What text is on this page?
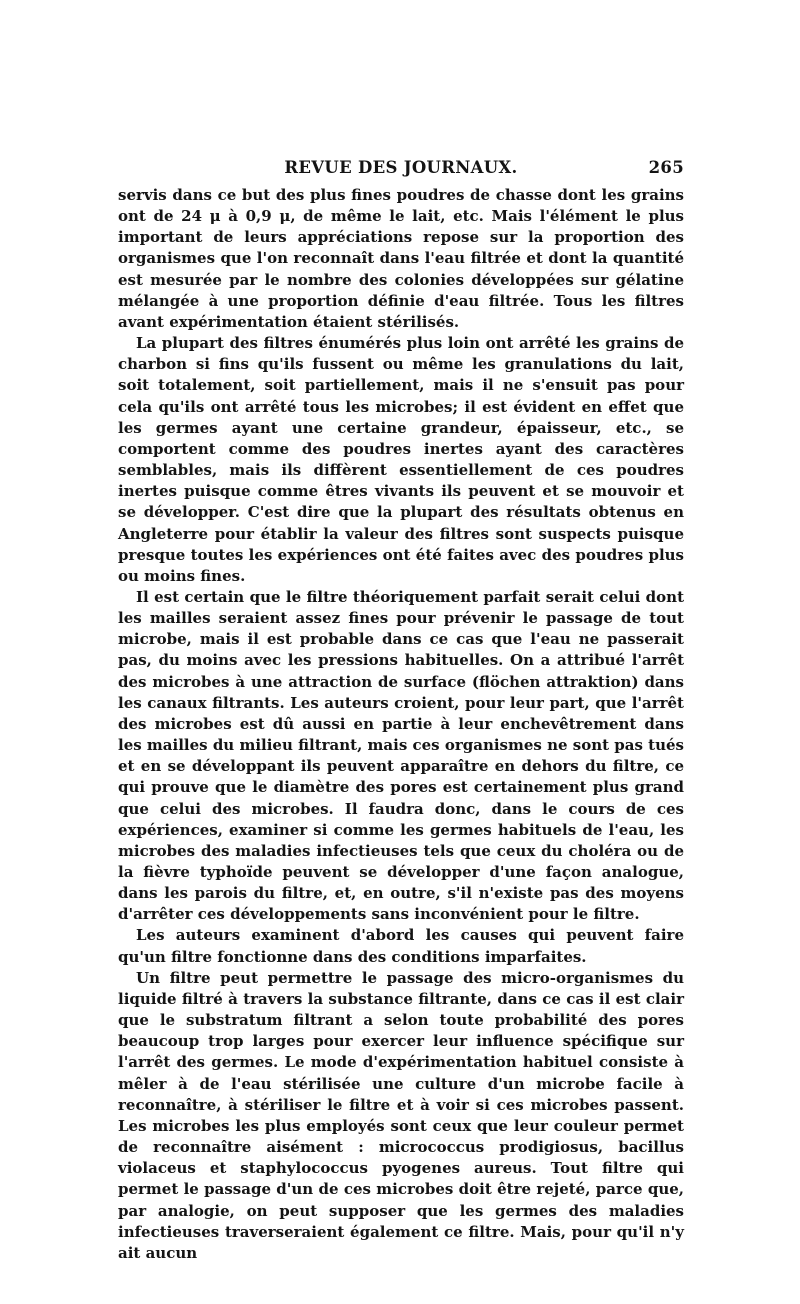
REVUE DES JOURNAUX.	265

servis dans ce but des plus fines poudres de chasse dont les grains ont de 24 μ à 0,9 μ, de même le lait, etc. Mais l'élément le plus important de leurs appréciations repose sur la proportion des organismes que l'on reconnaît dans l'eau filtrée et dont la quantité est mesurée par le nombre des colonies développées sur gélatine mélangée à une proportion définie d'eau filtrée. Tous les filtres avant expérimentation étaient stérilisés.

La plupart des filtres énumérés plus loin ont arrêté les grains de charbon si fins qu'ils fussent ou même les granulations du lait, soit totalement, soit partiellement, mais il ne s'ensuit pas pour cela qu'ils ont arrêté tous les microbes; il est évident en effet que les germes ayant une certaine grandeur, épaisseur, etc., se comportent comme des poudres inertes ayant des caractères semblables, mais ils diffèrent essentiellement de ces poudres inertes puisque comme êtres vivants ils peuvent et se mouvoir et se développer. C'est dire que la plupart des résultats obtenus en Angleterre pour établir la valeur des filtres sont suspects puisque presque toutes les expériences ont été faites avec des poudres plus ou moins fines.

Il est certain que le filtre théoriquement parfait serait celui dont les mailles seraient assez fines pour prévenir le passage de tout microbe, mais il est probable dans ce cas que l'eau ne passerait pas, du moins avec les pressions habituelles. On a attribué l'arrêt des microbes à une attraction de surface (flöchen attraktion) dans les canaux filtrants. Les auteurs croient, pour leur part, que l'arrêt des microbes est dû aussi en partie à leur enchevêtrement dans les mailles du milieu filtrant, mais ces organismes ne sont pas tués et en se développant ils peuvent apparaître en dehors du filtre, ce qui prouve que le diamètre des pores est certainement plus grand que celui des microbes. Il faudra donc, dans le cours de ces expériences, examiner si comme les germes habituels de l'eau, les microbes des maladies infectieuses tels que ceux du choléra ou de la fièvre typhoïde peuvent se développer d'une façon analogue, dans les parois du filtre, et, en outre, s'il n'existe pas des moyens d'arrêter ces développements sans inconvénient pour le filtre.

Les auteurs examinent d'abord les causes qui peuvent faire qu'un filtre fonctionne dans des conditions imparfaites.

Un filtre peut permettre le passage des micro-organismes du liquide filtré à travers la substance filtrante, dans ce cas il est clair que le substratum filtrant a selon toute probabilité des pores beaucoup trop larges pour exercer leur influence spécifique sur l'arrêt des germes. Le mode d'expérimentation habituel consiste à mêler à de l'eau stérilisée une culture d'un microbe facile à reconnaître, à stériliser le filtre et à voir si ces microbes passent. Les microbes les plus employés sont ceux que leur couleur permet de reconnaître aisément : micrococcus prodigiosus, bacillus violaceus et staphylococcus pyogenes aureus. Tout filtre qui permet le passage d'un de ces microbes doit être rejeté, parce que, par analogie, on peut supposer que les germes des maladies infectieuses traverseraient également ce filtre. Mais, pour qu'il n'y ait aucun
